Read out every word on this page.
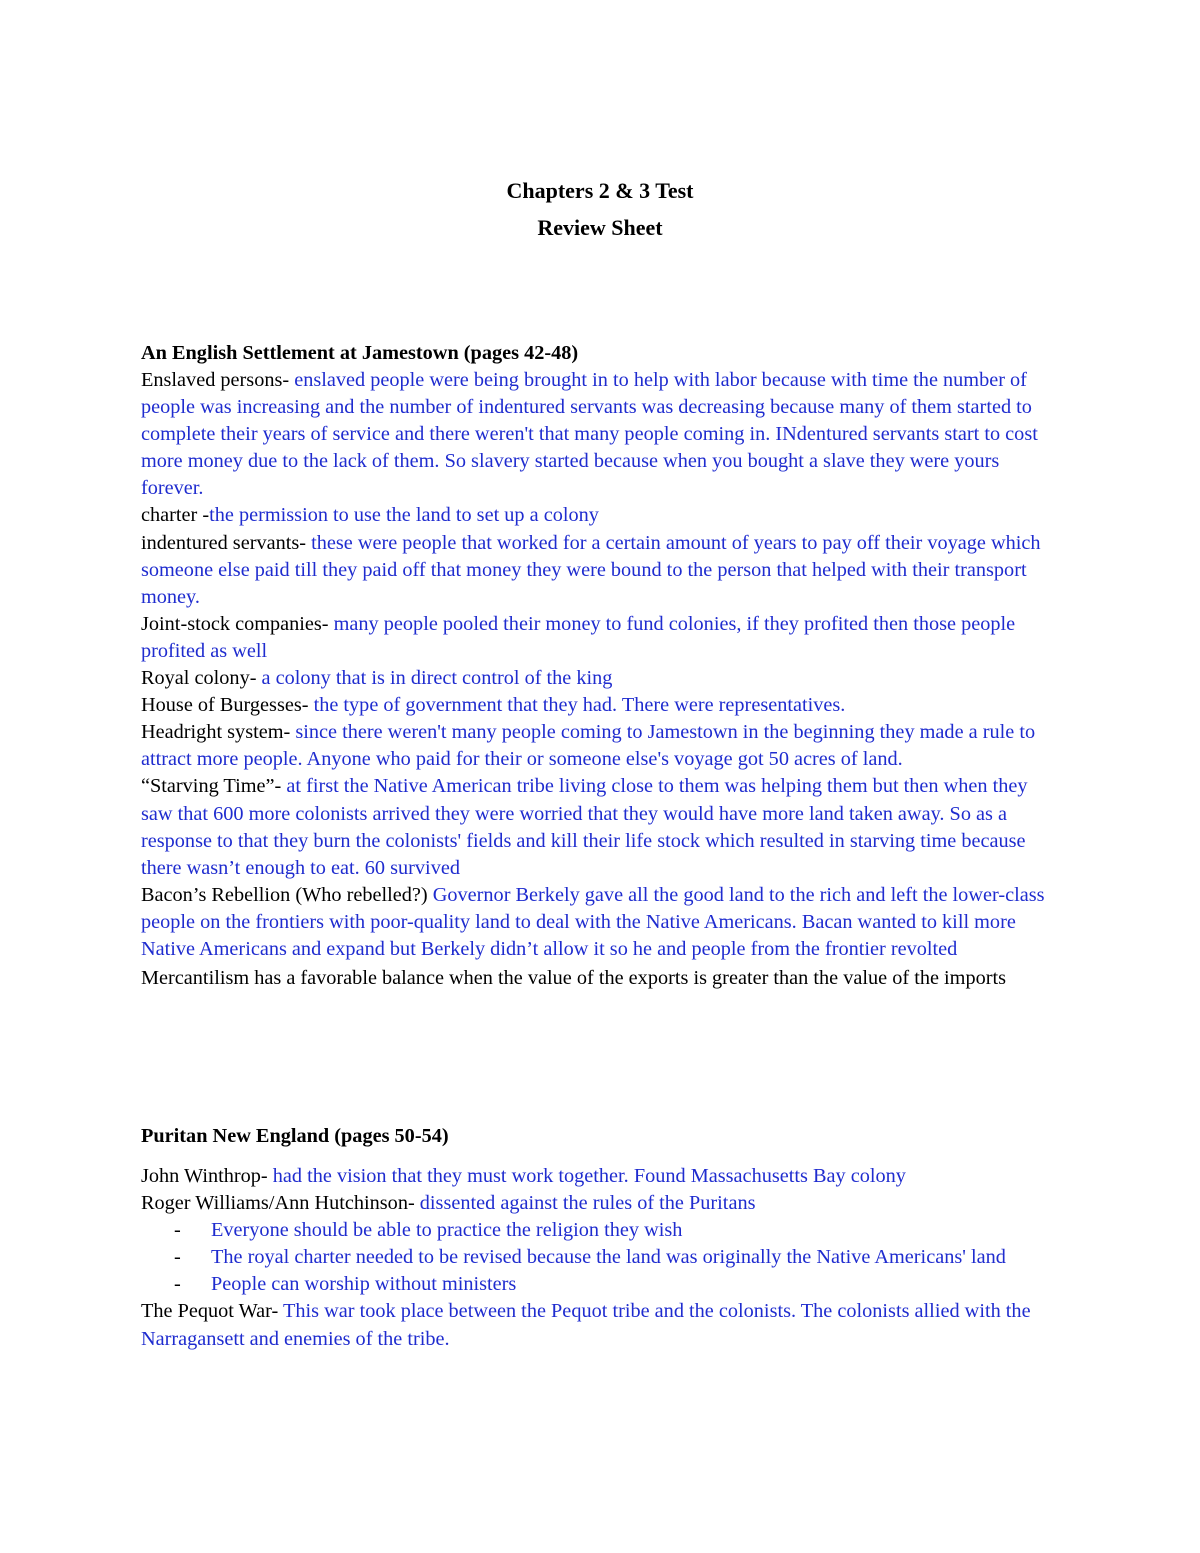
Chapters 2 & 3 Test
Review Sheet

An English Settlement at Jamestown (pages 42-48)

Enslaved persons- enslaved people were being brought in to help with labor because with time the number of people was increasing and the number of indentured servants was decreasing because many of them started to complete their years of service and there weren't that many people coming in. INdentured servants start to cost more money due to the lack of them. So slavery started because when you bought a slave they were yours forever.

charter -the permission to use the land to set up a colony

indentured servants- these were people that worked for a certain amount of years to pay off their voyage which someone else paid till they paid off that money they were bound to the person that helped with their transport money.

Joint-stock companies- many people pooled their money to fund colonies, if they profited then those people profited as well

Royal colony- a colony that is in direct control of the king

House of Burgesses- the type of government that they had. There were representatives.

Headright system- since there weren't many people coming to Jamestown in the beginning they made a rule to attract more people. Anyone who paid for their or someone else's voyage got 50 acres of land.

“Starving Time”- at first the Native American tribe living close to them was helping them but then when they saw that 600 more colonists arrived they were worried that they would have more land taken away. So as a response to that they burn the colonists' fields and kill their life stock which resulted in starving time because there wasn’t enough to eat. 60 survived

Bacon’s Rebellion (Who rebelled?) Governor Berkely gave all the good land to the rich and left the lower-class people on the frontiers with poor-quality land to deal with the Native Americans. Bacan wanted to kill more Native Americans and expand but Berkely didn’t allow it so he and people from the frontier revolted

Mercantilism has a favorable balance when the value of the exports is greater than the value of the imports

Puritan New England (pages 50-54)

John Winthrop- had the vision that they must work together. Found Massachusetts Bay colony

Roger Williams/Ann Hutchinson- dissented against the rules of the Puritans

- Everyone should be able to practice the religion they wish
- The royal charter needed to be revised because the land was originally the Native Americans' land
- People can worship without ministers

The Pequot War- This war took place between the Pequot tribe and the colonists. The colonists allied with the Narragansett and enemies of the tribe.
